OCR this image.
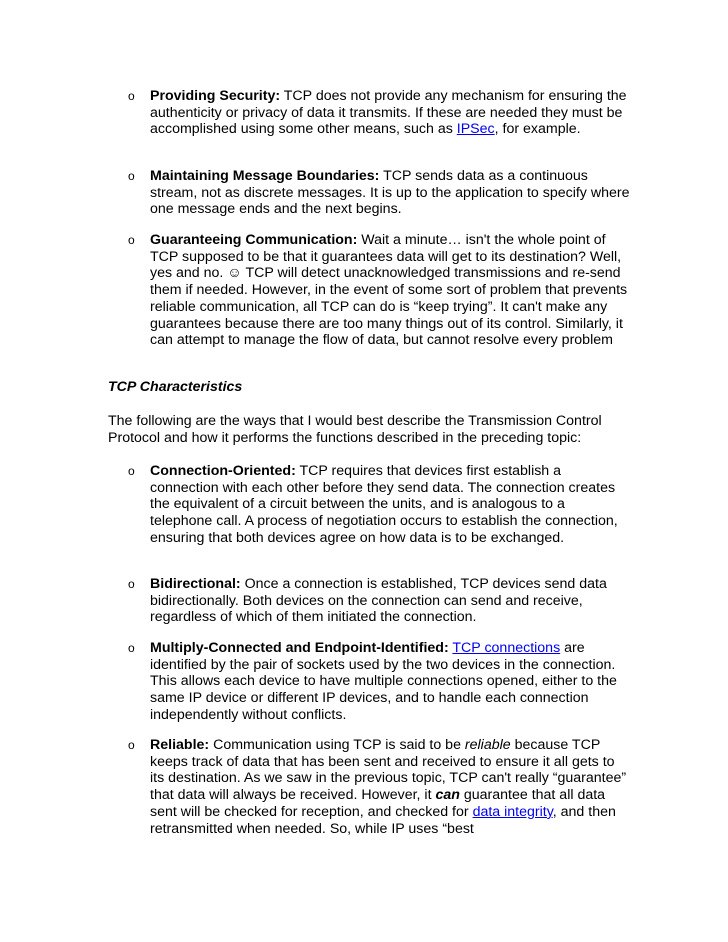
o Providing Security: TCP does not provide any mechanism for ensuring the authenticity or privacy of data it transmits. If these are needed they must be accomplished using some other means, such as IPSec, for example.
o Maintaining Message Boundaries: TCP sends data as a continuous stream, not as discrete messages. It is up to the application to specify where one message ends and the next begins.
o Guaranteeing Communication: Wait a minute… isn't the whole point of TCP supposed to be that it guarantees data will get to its destination? Well, yes and no. ☺ TCP will detect unacknowledged transmissions and re-send them if needed. However, in the event of some sort of problem that prevents reliable communication, all TCP can do is “keep trying”. It can't make any guarantees because there are too many things out of its control. Similarly, it can attempt to manage the flow of data, but cannot resolve every problem
TCP Characteristics
The following are the ways that I would best describe the Transmission Control Protocol and how it performs the functions described in the preceding topic:
o Connection-Oriented: TCP requires that devices first establish a connection with each other before they send data. The connection creates the equivalent of a circuit between the units, and is analogous to a telephone call. A process of negotiation occurs to establish the connection, ensuring that both devices agree on how data is to be exchanged.
o Bidirectional: Once a connection is established, TCP devices send data bidirectionally. Both devices on the connection can send and receive, regardless of which of them initiated the connection.
o Multiply-Connected and Endpoint-Identified: TCP connections are identified by the pair of sockets used by the two devices in the connection. This allows each device to have multiple connections opened, either to the same IP device or different IP devices, and to handle each connection independently without conflicts.
o Reliable: Communication using TCP is said to be reliable because TCP keeps track of data that has been sent and received to ensure it all gets to its destination. As we saw in the previous topic, TCP can't really “guarantee” that data will always be received. However, it can guarantee that all data sent will be checked for reception, and checked for data integrity, and then retransmitted when needed. So, while IP uses “best
